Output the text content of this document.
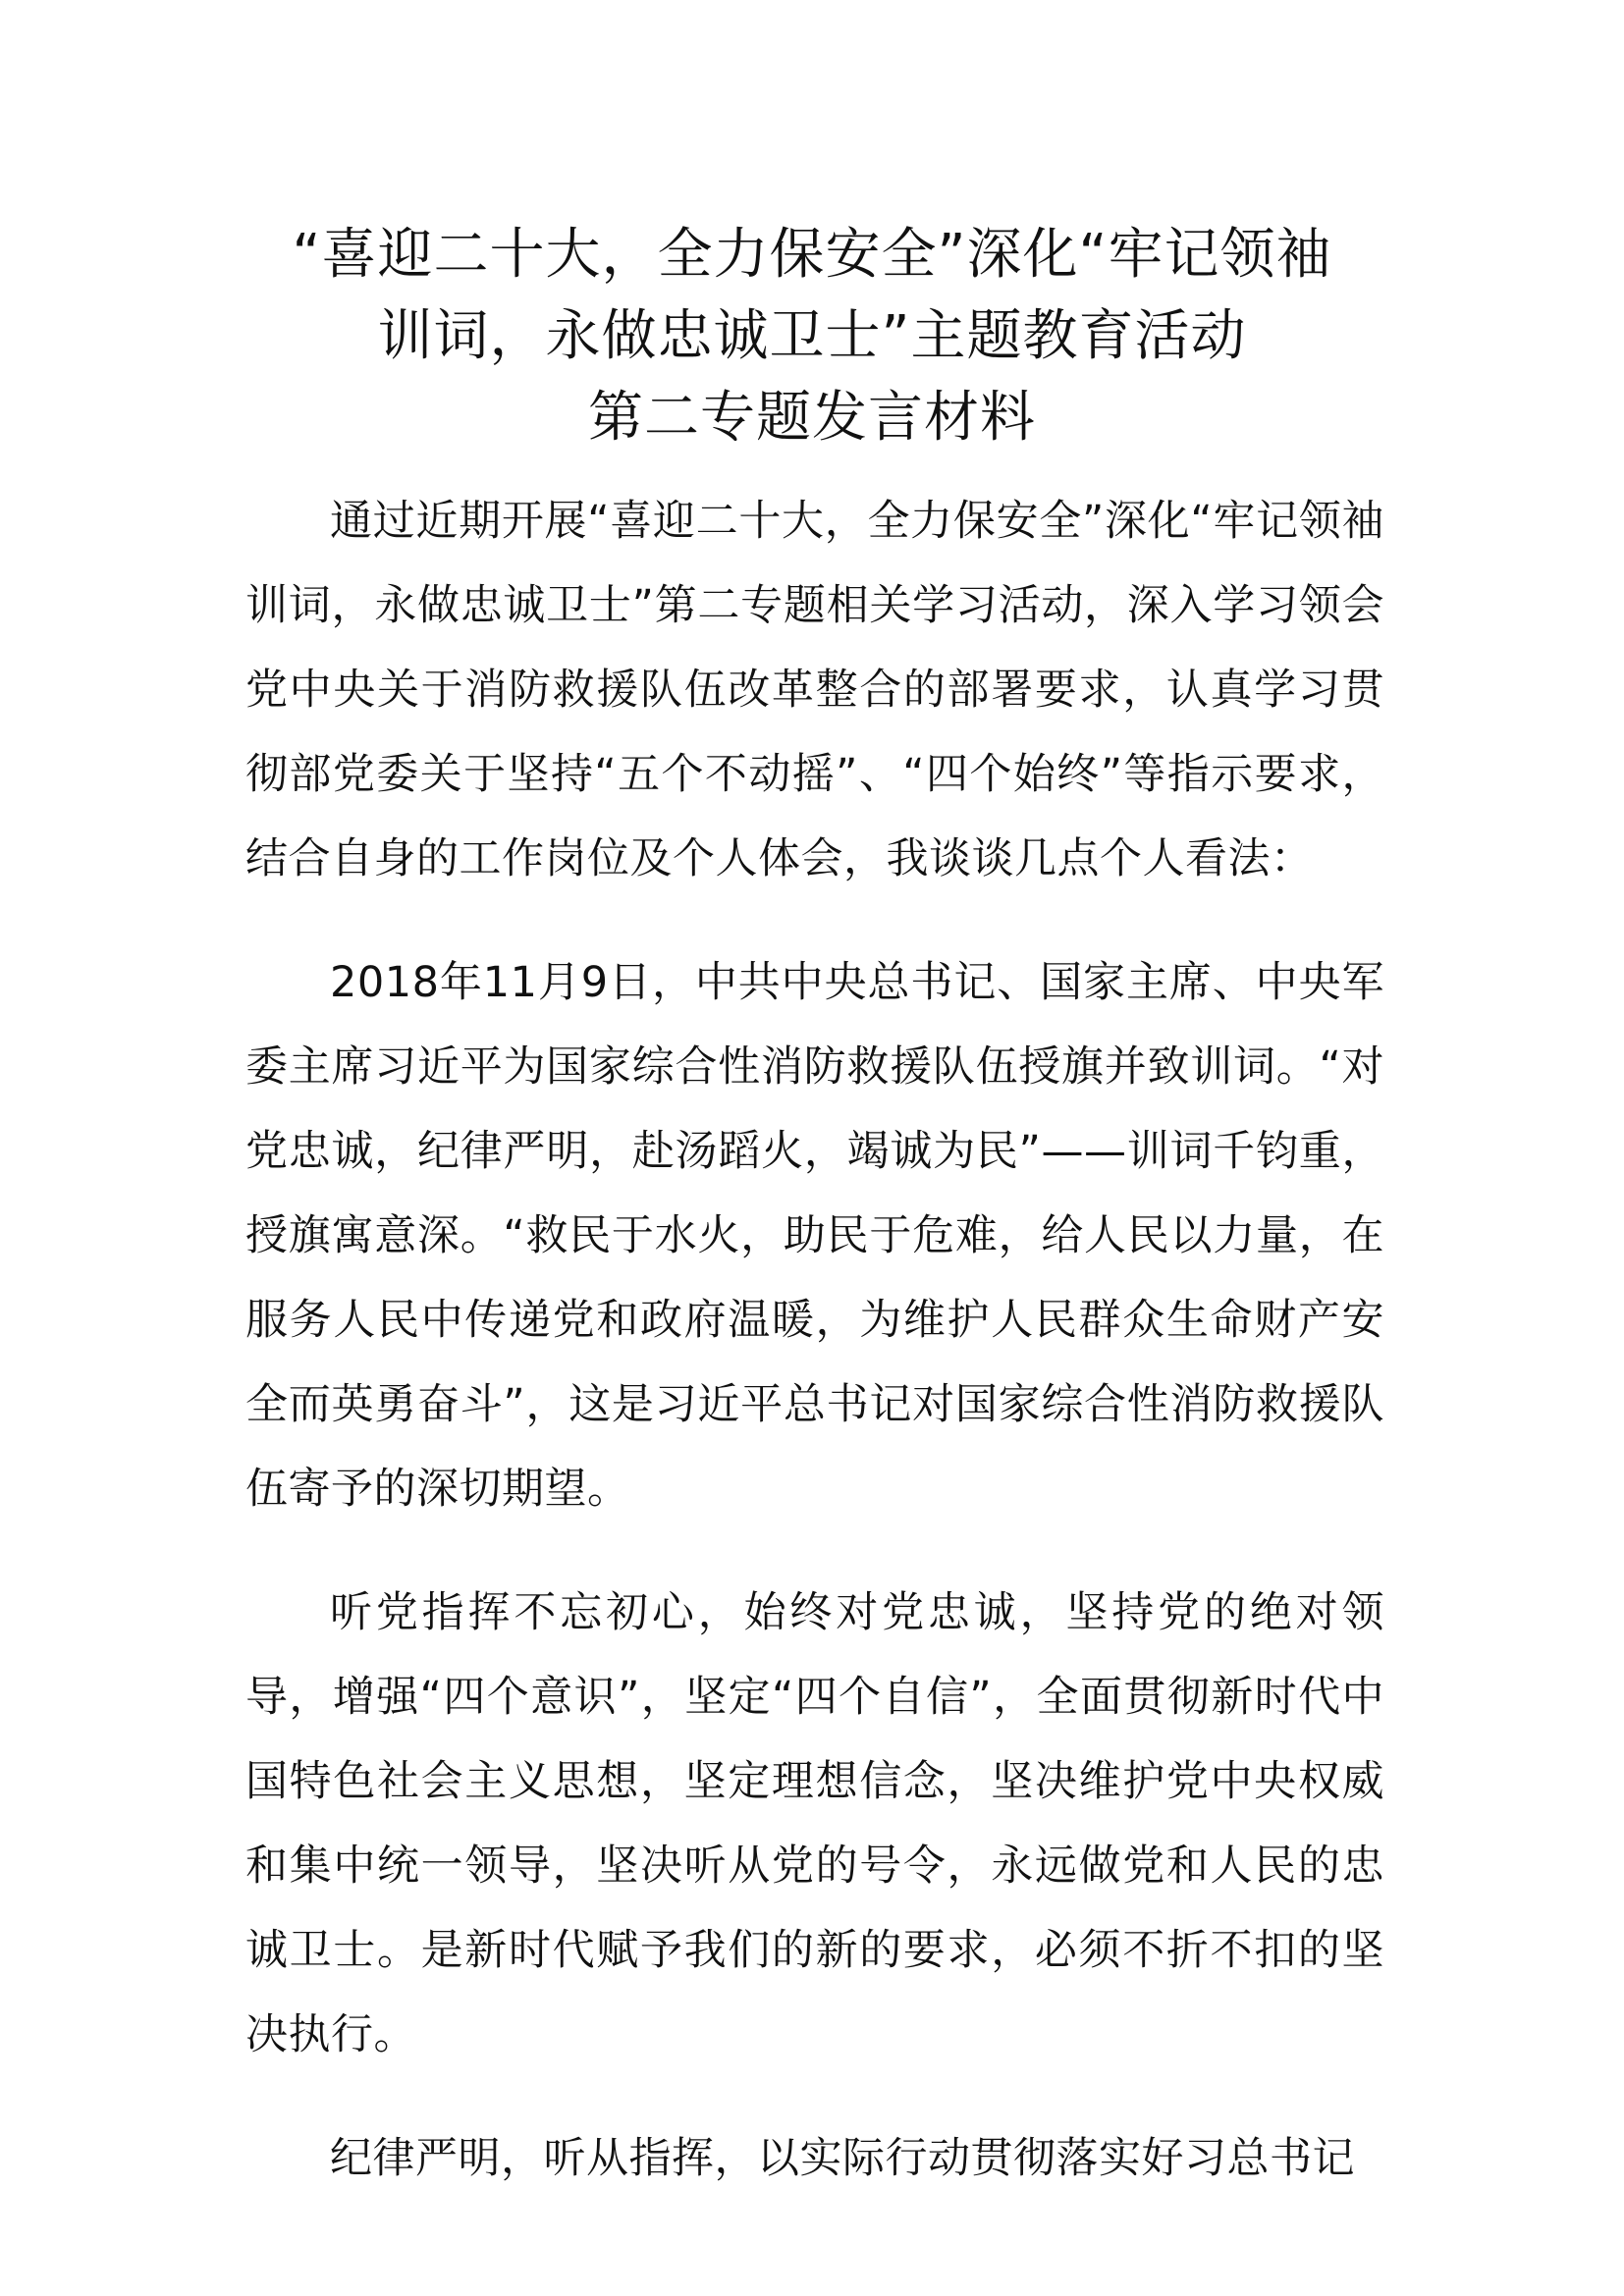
“喜迎二十大，全力保安全”深化“牢记领袖
训词，永做忠诚卫士”主题教育活动
第二专题发言材料

通过近期开展“喜迎二十大，全力保安全”深化“牢记领袖训词，永做忠诚卫士”第二专题相关学习活动，深入学习领会党中央关于消防救援队伍改革整合的部署要求，认真学习贯彻部党委关于坚持“五个不动摇”、“四个始终”等指示要求，结合自身的工作岗位及个人体会，我谈谈几点个人看法：

2018年11月9日，中共中央总书记、国家主席、中央军委主席习近平为国家综合性消防救援队伍授旗并致训词。“对党忠诚，纪律严明，赴汤蹈火，竭诚为民”——训词千钧重，授旗寓意深。“救民于水火，助民于危难，给人民以力量，在服务人民中传递党和政府温暖，为维护人民群众生命财产安全而英勇奋斗”，这是习近平总书记对国家综合性消防救援队伍寄予的深切期望。

听党指挥不忘初心，始终对党忠诚，坚持党的绝对领导，增强“四个意识”，坚定“四个自信”，全面贯彻新时代中国特色社会主义思想，坚定理想信念，坚决维护党中央权威和集中统一领导，坚决听从党的号令，永远做党和人民的忠诚卫士。是新时代赋予我们的新的要求，必须不折不扣的坚决执行。

纪律严明，听从指挥，以实际行动贯彻落实好习总书记
